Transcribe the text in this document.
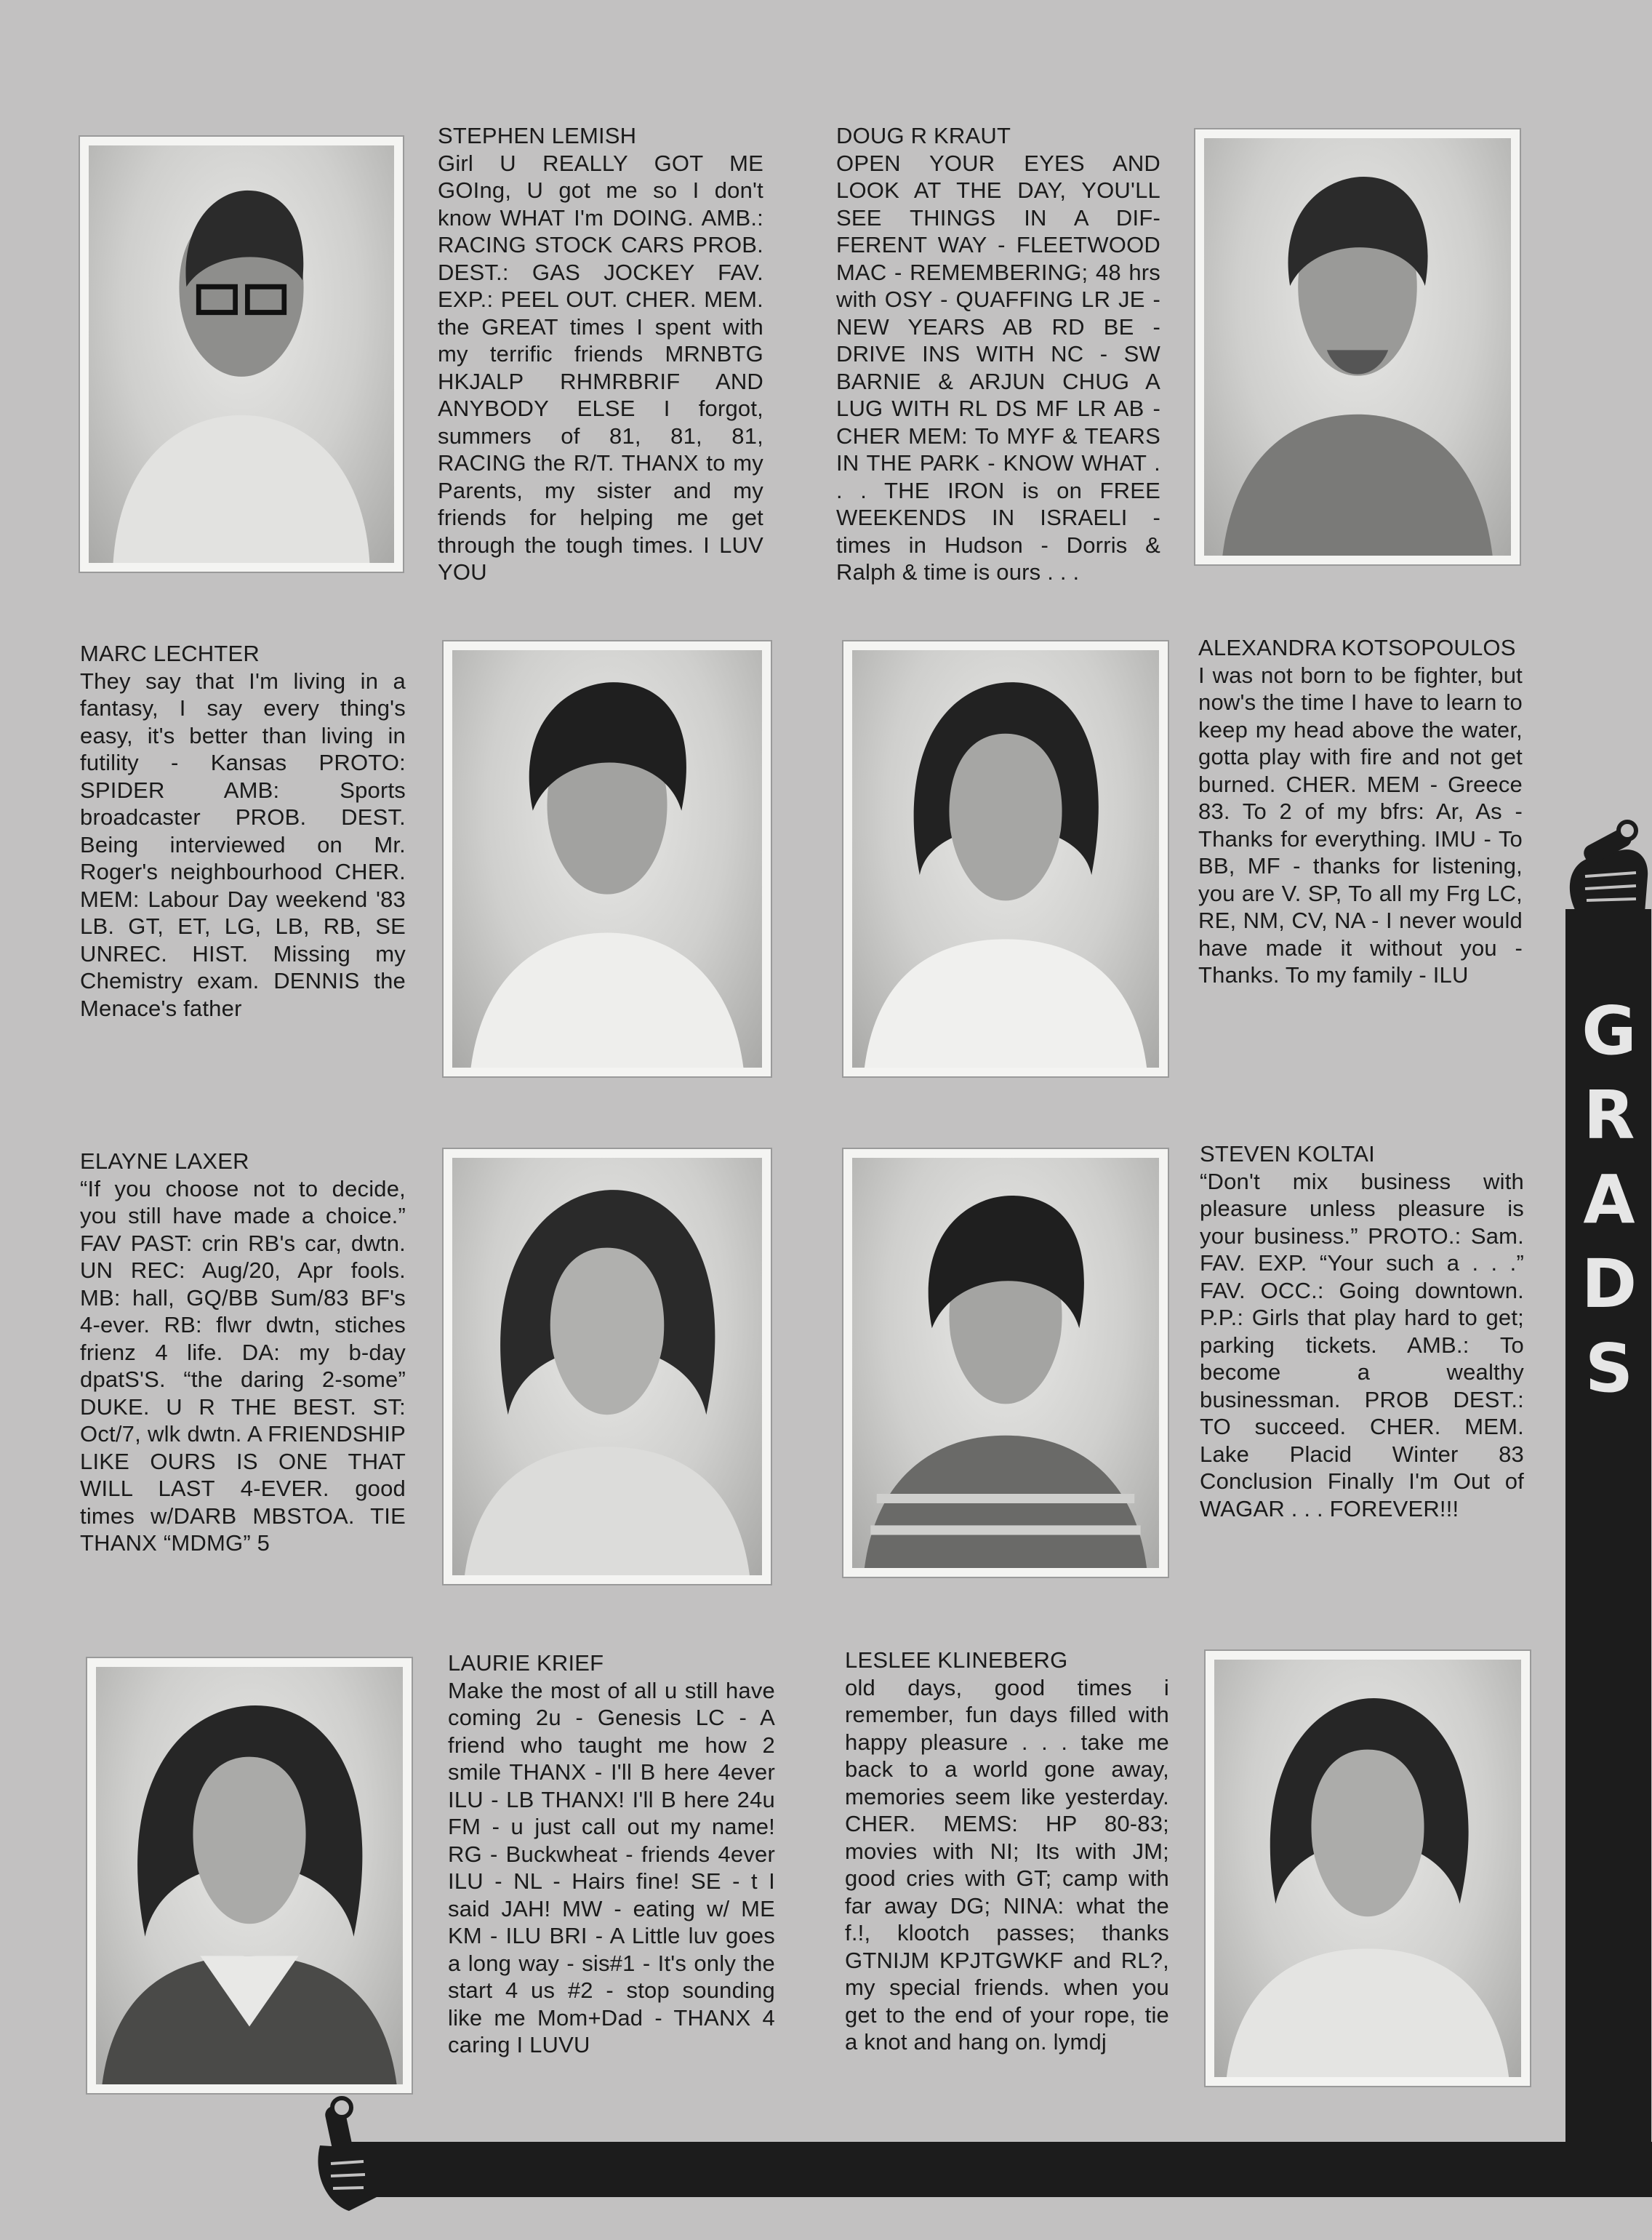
G
R
A
D
S
STEPHEN LEMISH
Girl U REALLY GOT ME GOIng, U got me so I don't know WHAT I'm DOING. AMB.: RACING STOCK CARS PROB. DEST.: GAS JOCKEY FAV. EXP.: PEEL OUT. CHER. MEM. the GREAT times I spent with my terrific friends MRNBTG HKJALP RHMRBRIF AND ANYBODY ELSE I forgot, summers of 81, 81, 81, RACING the R/T. THANX to my Parents, my sister and my friends for helping me get through the tough times. I LUV YOU
DOUG R KRAUT
OPEN YOUR EYES AND LOOK AT THE DAY, YOU'LL SEE THINGS IN A DIF-FERENT WAY - FLEETWOOD MAC - REMEMBERING; 48 hrs with OSY - QUAFFING LR JE - NEW YEARS AB RD BE - DRIVE INS WITH NC - SW BARNIE & ARJUN CHUG A LUG WITH RL DS MF LR AB - CHER MEM: To MYF & TEARS IN THE PARK - KNOW WHAT . . . THE IRON is on FREE WEEKENDS IN ISRAELI - times in Hudson - Dorris & Ralph & time is ours . . .
MARC LECHTER
They say that I'm living in a fantasy, I say every thing's easy, it's better than living in futility - Kansas PROTO: SPIDER AMB: Sports broadcaster PROB. DEST. Being interviewed on Mr. Roger's neighbourhood CHER. MEM: Labour Day weekend '83 LB. GT, ET, LG, LB, RB, SE UNREC. HIST. Missing my Chemistry exam. DENNIS the Menace's father
ALEXANDRA KOTSOPOULOS
I was not born to be fighter, but now's the time I have to learn to keep my head above the water, gotta play with fire and not get burned. CHER. MEM - Greece 83. To 2 of my bfrs: Ar, As - Thanks for everything. IMU - To BB, MF - thanks for listening, you are V. SP, To all my Frg LC, RE, NM, CV, NA - I never would have made it without you - Thanks. To my family - ILU
ELAYNE LAXER
“If you choose not to decide, you still have made a choice.” FAV PAST: crin RB's car, dwtn. UN REC: Aug/20, Apr fools. MB: hall, GQ/BB Sum/83 BF's 4-ever. RB: flwr dwtn, stiches frienz 4 life. DA: my b-day dpatS'S. “the daring 2-some” DUKE. U R THE BEST. ST: Oct/7, wlk dwtn. A FRIENDSHIP LIKE OURS IS ONE THAT WILL LAST 4-EVER. good times w/DARB MBSTOA. TIE THANX “MDMG” 5
STEVEN KOLTAI
“Don't mix business with pleasure unless pleasure is your business.” PROTO.: Sam. FAV. EXP. “Your such a . . .” FAV. OCC.: Going downtown. P.P.: Girls that play hard to get; parking tickets. AMB.: To become a wealthy businessman. PROB DEST.: TO succeed. CHER. MEM. Lake Placid Winter 83 Conclusion Finally I'm Out of WAGAR . . . FOREVER!!!
LAURIE KRIEF
Make the most of all u still have coming 2u - Genesis LC - A friend who taught me how 2 smile THANX - I'll B here 4ever ILU - LB THANX! I'll B here 24u FM - u just call out my name! RG - Buckwheat - friends 4ever ILU - NL - Hairs fine! SE - t I said JAH! MW - eating w/ ME KM - ILU BRI - A Little luv goes a long way - sis#1 - It's only the start 4 us #2 - stop sounding like me Mom+Dad - THANX 4 caring I LUVU
LESLEE KLINEBERG
old days, good times i remember, fun days filled with happy pleasure . . . take me back to a world gone away, memories seem like yesterday. CHER. MEMS: HP 80-83; movies with NI; Its with JM; good cries with GT; camp with far away DG; NINA: what the f.!, klootch passes; thanks GTNIJM KPJTGWKF and RL?, my special friends. when you get to the end of your rope, tie a knot and hang on. lymdj
